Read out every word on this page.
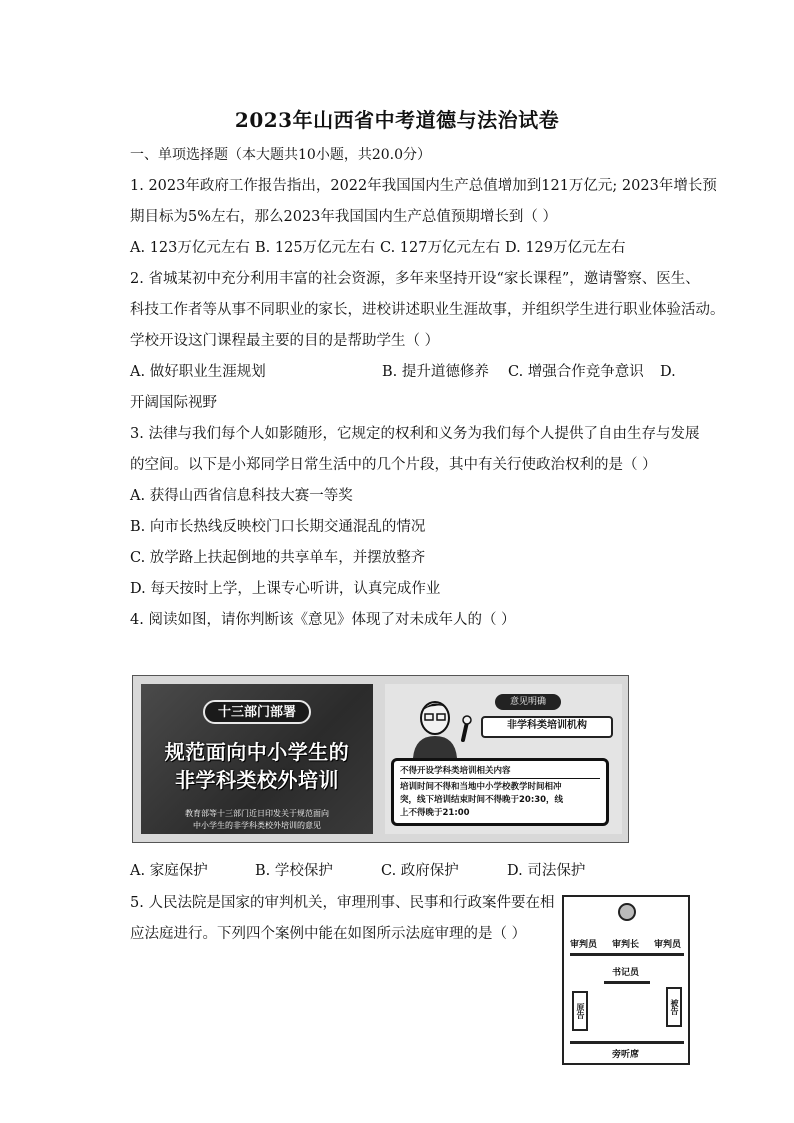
2023年山西省中考道德与法治试卷
一、单项选择题（本大题共10小题，共20.0分）
1. 2023年政府工作报告指出，2022年我国国内生产总值增加到121万亿元; 2023年增长预
期目标为5%左右，那么2023年我国国内生产总值预期增长到（ ）
A. 123万亿元左右 B. 125万亿元左右 C. 127万亿元左右 D. 129万亿元左右
2. 省城某初中充分利用丰富的社会资源，多年来坚持开设“家长课程”，邀请警察、医生、
科技工作者等从事不同职业的家长，进校讲述职业生涯故事，并组织学生进行职业体验活动。
学校开设这门课程最主要的目的是帮助学生（ ）
A. 做好职业生涯规划	B. 提升道德修养 C. 增强合作竞争意识 D.
开阔国际视野
3. 法律与我们每个人如影随形，它规定的权利和义务为我们每个人提供了自由生存与发展
的空间。以下是小郑同学日常生活中的几个片段，其中有关行使政治权利的是（ ）
A. 获得山西省信息科技大赛一等奖
B. 向市长热线反映校门口长期交通混乱的情况
C. 放学路上扶起倒地的共享单车，并摆放整齐
D. 每天按时上学，上课专心听讲，认真完成作业
4. 阅读如图，请你判断该《意见》体现了对未成年人的（ ）
十三部门部署
规范面向中小学生的
非学科类校外培训
教育部等十三部门近日印发关于规范面向
中小学生的非学科类校外培训的意见
意见明确
非学科类培训机构
不得开设学科类培训相关内容
培训时间不得和当地中小学校教学时间相冲
突，线下培训结束时间不得晚于20:30，线
上不得晚于21:00
A. 家庭保护	B. 学校保护	C. 政府保护	D. 司法保护
5. 人民法院是国家的审判机关，审理刑事、民事和行政案件要在相
应法庭进行。下列四个案例中能在如图所示法庭审理的是（ ）
审判员 审判长 审判员
书记员
原告	被告
旁听席
